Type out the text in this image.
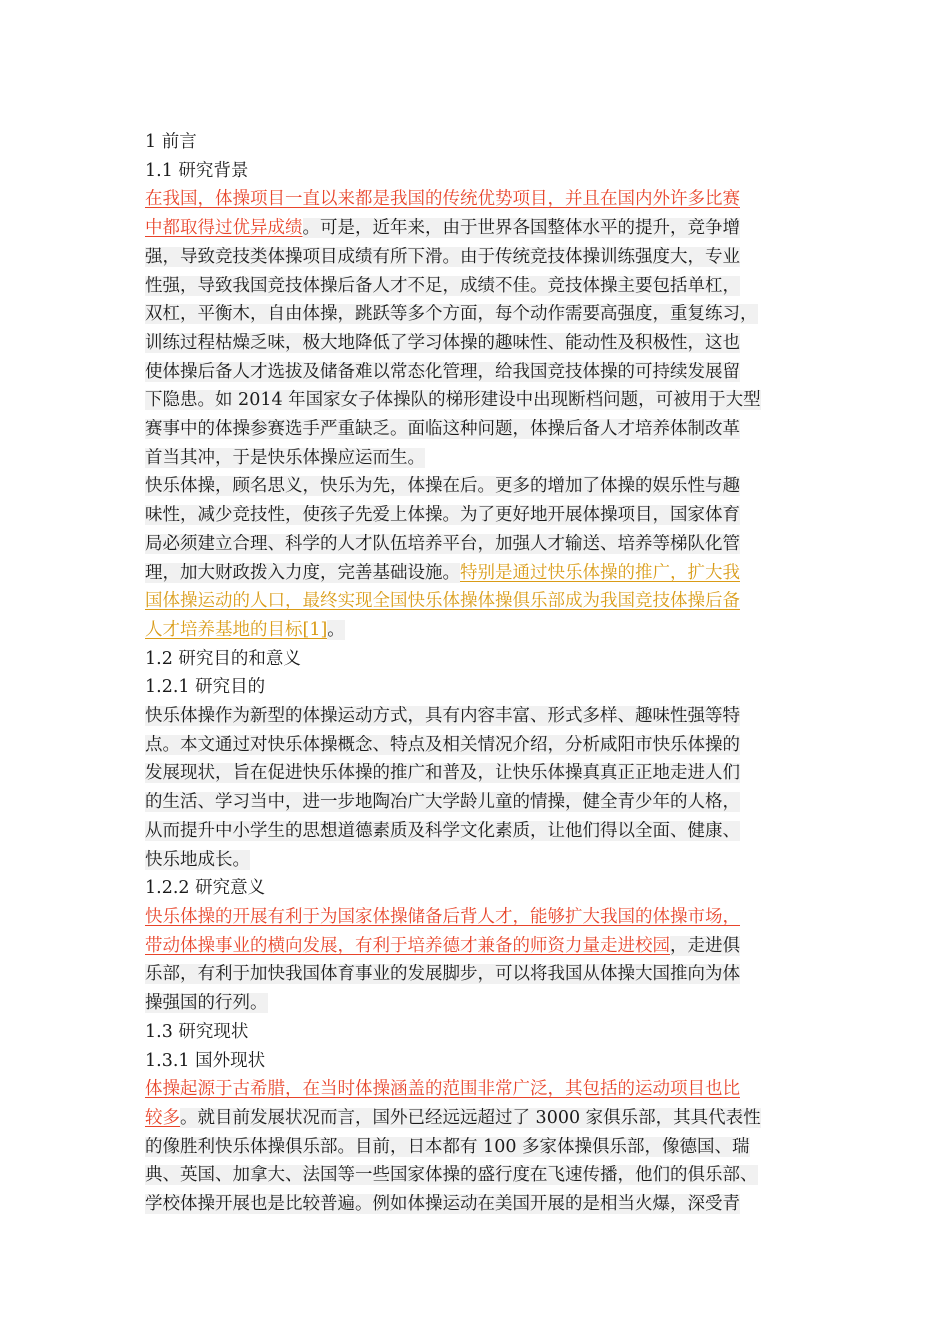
1 前言
1.1 研究背景
在我国，体操项目一直以来都是我国的传统优势项目，并且在国内外许多比赛
中都取得过优异成绩。可是，近年来，由于世界各国整体水平的提升，竞争增
强，导致竞技类体操项目成绩有所下滑。由于传统竞技体操训练强度大，专业
性强，导致我国竞技体操后备人才不足，成绩不佳。竞技体操主要包括单杠，
双杠，平衡木，自由体操，跳跃等多个方面，每个动作需要高强度，重复练习，
训练过程枯燥乏味，极大地降低了学习体操的趣味性、能动性及积极性，这也
使体操后备人才选拔及储备难以常态化管理，给我国竞技体操的可持续发展留
下隐患。如 2014 年国家女子体操队的梯形建设中出现断档问题，可被用于大型
赛事中的体操参赛选手严重缺乏。面临这种问题，体操后备人才培养体制改革
首当其冲，于是快乐体操应运而生。
快乐体操，顾名思义，快乐为先，体操在后。更多的增加了体操的娱乐性与趣
味性，减少竞技性，使孩子先爱上体操。为了更好地开展体操项目，国家体育
局必须建立合理、科学的人才队伍培养平台，加强人才输送、培养等梯队化管
理，加大财政拨入力度，完善基础设施。特别是通过快乐体操的推广，扩大我
国体操运动的人口，最终实现全国快乐体操体操俱乐部成为我国竞技体操后备
人才培养基地的目标[1]。
1.2 研究目的和意义
1.2.1 研究目的
快乐体操作为新型的体操运动方式，具有内容丰富、形式多样、趣味性强等特
点。本文通过对快乐体操概念、特点及相关情况介绍，分析咸阳市快乐体操的
发展现状，旨在促进快乐体操的推广和普及，让快乐体操真真正正地走进人们
的生活、学习当中，进一步地陶冶广大学龄儿童的情操，健全青少年的人格，
从而提升中小学生的思想道德素质及科学文化素质，让他们得以全面、健康、
快乐地成长。
1.2.2 研究意义
快乐体操的开展有利于为国家体操储备后背人才，能够扩大我国的体操市场，
带动体操事业的横向发展，有利于培养德才兼备的师资力量走进校园，走进俱
乐部，有利于加快我国体育事业的发展脚步，可以将我国从体操大国推向为体
操强国的行列。
1.3 研究现状
1.3.1 国外现状
体操起源于古希腊，在当时体操涵盖的范围非常广泛，其包括的运动项目也比
较多。就目前发展状况而言，国外已经远远超过了 3000 家俱乐部，其具代表性
的像胜利快乐体操俱乐部。目前，日本都有 100 多家体操俱乐部，像德国、瑞
典、英国、加拿大、法国等一些国家体操的盛行度在飞速传播，他们的俱乐部、
学校体操开展也是比较普遍。例如体操运动在美国开展的是相当火爆，深受青
